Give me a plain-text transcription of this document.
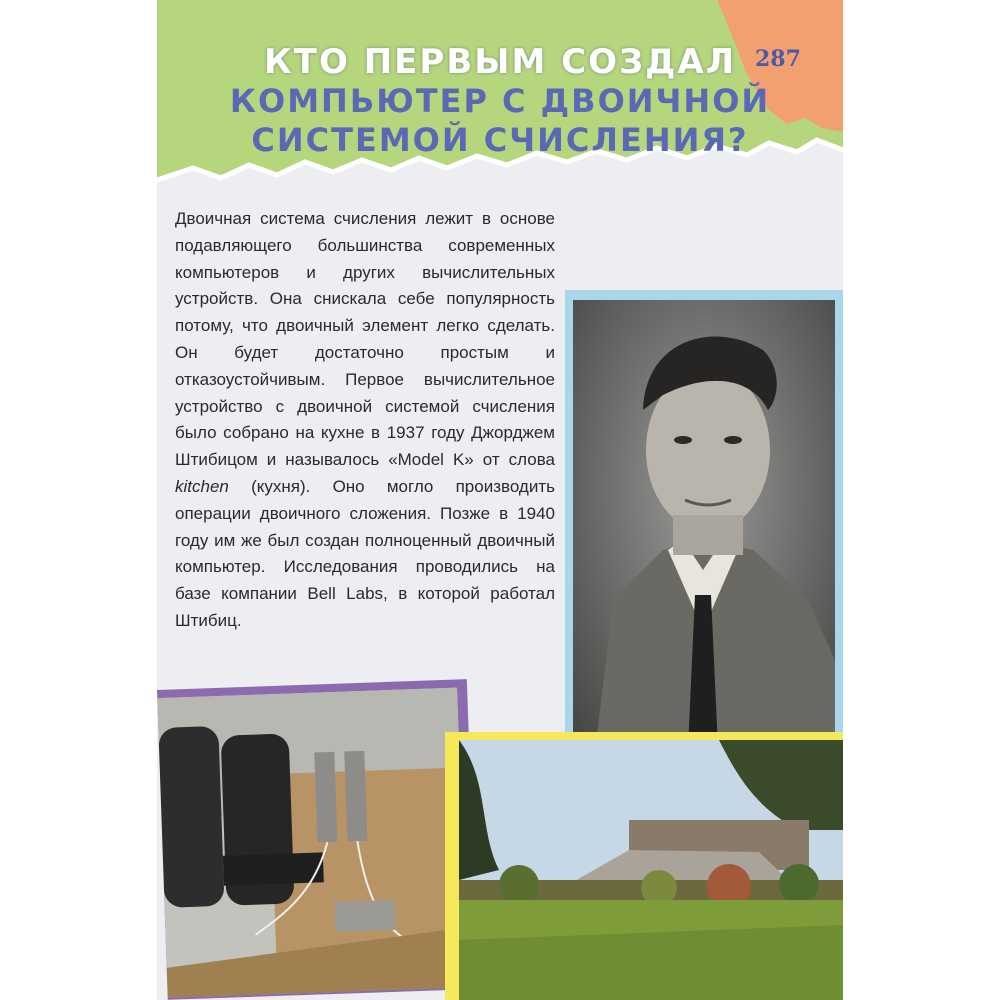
КТО ПЕРВЫМ СОЗДАЛ
КОМПЬЮТЕР С ДВОИЧНОЙ
СИСТЕМОЙ СЧИСЛЕНИЯ?
287

Двоичная система счисления лежит в основе подавляющего большинства современных компьютеров и других вычислительных устройств. Она снискала себе популярность потому, что двоичный элемент легко сделать. Он будет достаточно простым и отказоустойчивым. Первое вычислительное устройство с двоичной системой счисления было собрано на кухне в 1937 году Джорджем Штибицом и называлось «Model K» от слова kitchen (кухня). Оно могло производить операции двоичного сложения. Позже в 1940 году им же был создан полноценный двоичный компьютер. Исследования проводились на базе компании Bell Labs, в которой работал Штибиц.
